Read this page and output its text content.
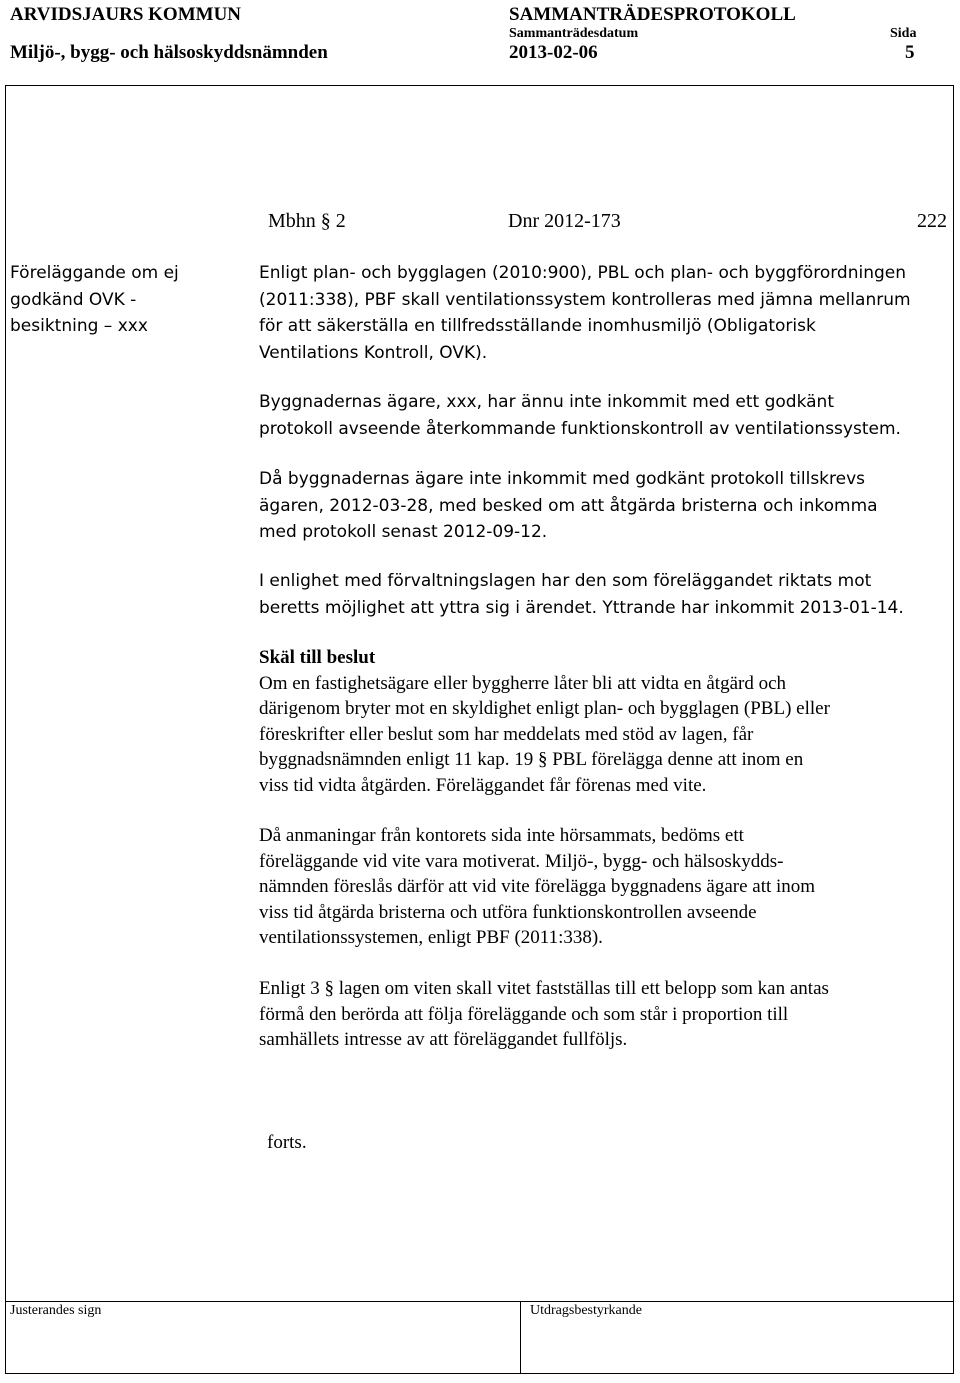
ARVIDSJAURS KOMMUN
Miljö-, bygg- och hälsoskyddsnämnden
SAMMANTRÄDESPROTOKOLL
Sammanträdesdatum
2013-02-06
Sida
5
Mbhn § 2	Dnr 2012-173	222
Föreläggande om ej
godkänd OVK -
besiktning – xxx
Enligt plan- och bygglagen (2010:900), PBL och plan- och byggförordningen
(2011:338), PBF skall ventilationssystem kontrolleras med jämna mellanrum
för att säkerställa en tillfredsställande inomhusmiljö (Obligatorisk
Ventilations Kontroll, OVK).
Byggnadernas ägare, xxx, har ännu inte inkommit med ett godkänt
protokoll avseende återkommande funktionskontroll av ventilationssystem.
Då byggnadernas ägare inte inkommit med godkänt protokoll tillskrevs
ägaren, 2012-03-28, med besked om att åtgärda bristerna och inkomma
med protokoll senast 2012-09-12.
I enlighet med förvaltningslagen har den som föreläggandet riktats mot
beretts möjlighet att yttra sig i ärendet. Yttrande har inkommit 2013-01-14.
Skäl till beslut
Om en fastighetsägare eller byggherre låter bli att vidta en åtgärd och
därigenom bryter mot en skyldighet enligt plan- och bygglagen (PBL) eller
föreskrifter eller beslut som har meddelats med stöd av lagen, får
byggnadsnämnden enligt 11 kap. 19 § PBL förelägga denne att inom en
viss tid vidta åtgärden. Föreläggandet får förenas med vite.
Då anmaningar från kontorets sida inte hörsammats, bedöms ett
föreläggande vid vite vara motiverat. Miljö-, bygg- och hälsoskydds-
nämnden föreslås därför att vid vite förelägga byggnadens ägare att inom
viss tid åtgärda bristerna och utföra funktionskontrollen avseende
ventilationssystemen, enligt PBF (2011:338).
Enligt 3 § lagen om viten skall vitet fastställas till ett belopp som kan antas
förmå den berörda att följa föreläggande och som står i proportion till
samhällets intresse av att föreläggandet fullföljs.
forts.
Justerandes sign	Utdragsbestyrkande
